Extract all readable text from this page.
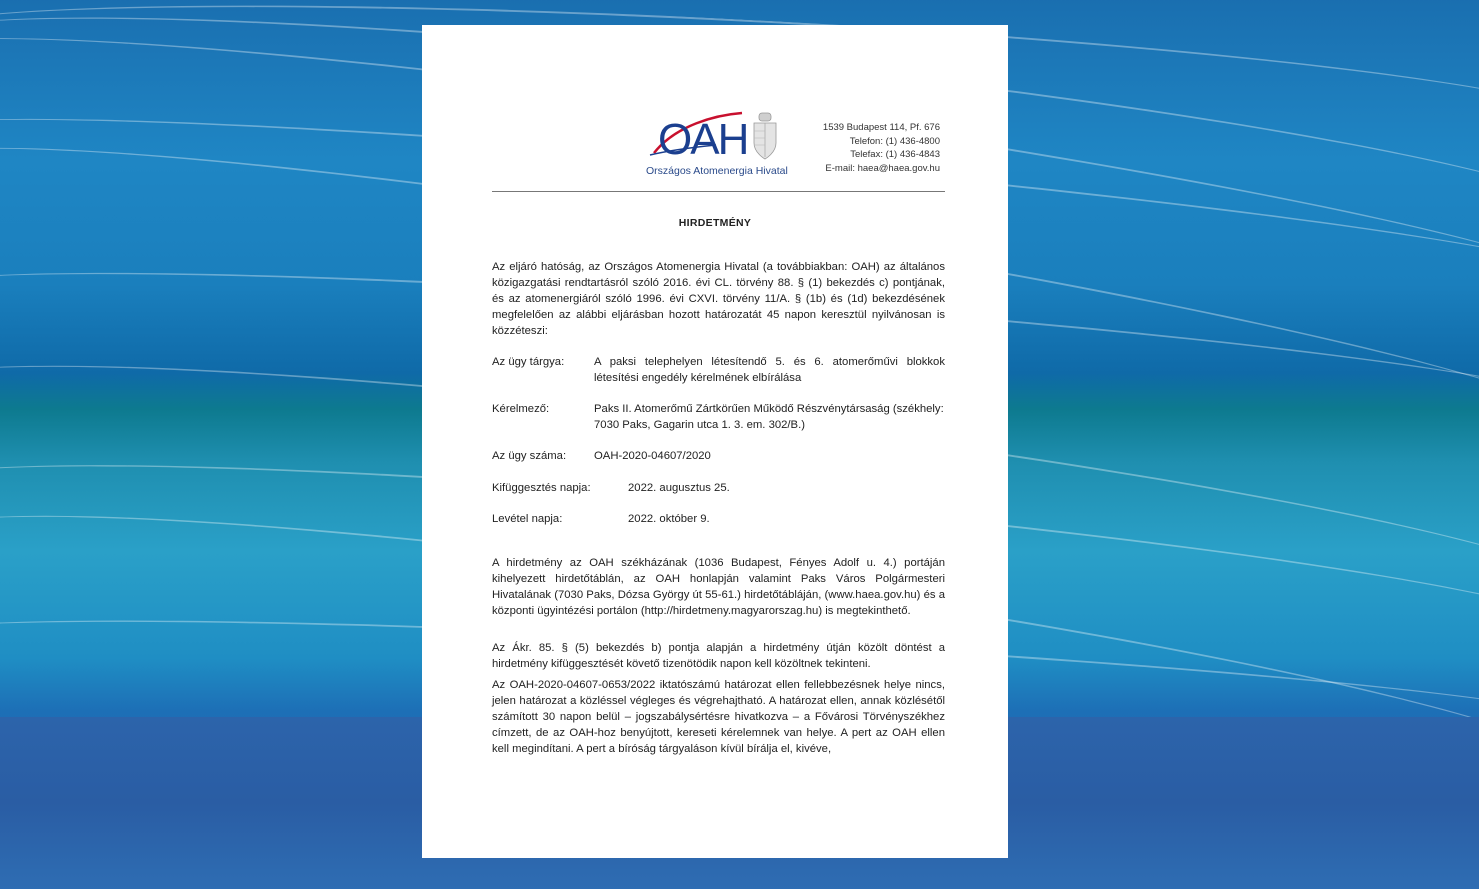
OAH
Országos Atomenergia Hivatal
1539 Budapest 114, Pf. 676
Telefon: (1) 436-4800
Telefax: (1) 436-4843
E-mail: haea@haea.gov.hu
HIRDETMÉNY
Az eljáró hatóság, az Országos Atomenergia Hivatal (a továbbiakban: OAH) az általános közigazgatási rendtartásról szóló 2016. évi CL. törvény 88. § (1) bekezdés c) pontjának, és az atomenergiáról szóló 1996. évi CXVI. törvény 11/A. § (1b) és (1d) bekezdésének megfelelően az alábbi eljárásban hozott határozatát 45 napon keresztül nyilvánosan is közzéteszi:
Az ügy tárgya:	A paksi telephelyen létesítendő 5. és 6. atomerőművi blokkok létesítési engedély kérelmének elbírálása
Kérelmező:	Paks II. Atomerőmű Zártkörűen Működő Részvénytársaság (székhely: 7030 Paks, Gagarin utca 1. 3. em. 302/B.)
Az ügy száma: OAH-2020-04607/2020
Kifüggesztés napja:	2022. augusztus 25.
Levétel napja:	2022. október 9.
A hirdetmény az OAH székházának (1036 Budapest, Fényes Adolf u. 4.) portáján kihelyezett hirdetőtáblán, az OAH honlapján valamint Paks Város Polgármesteri Hivatalának (7030 Paks, Dózsa György út 55-61.) hirdetőtábláján, (www.haea.gov.hu) és a központi ügyintézési portálon (http://hirdetmeny.magyarorszag.hu) is megtekinthető.
Az Ákr. 85. § (5) bekezdés b) pontja alapján a hirdetmény útján közölt döntést a hirdetmény kifüggesztését követő tizenötödik napon kell közöltnek tekinteni.
Az OAH-2020-04607-0653/2022 iktatószámú határozat ellen fellebbezésnek helye nincs, jelen határozat a közléssel végleges és végrehajtható. A határozat ellen, annak közlésétől számított 30 napon belül – jogszabálysértésre hivatkozva – a Fővárosi Törvényszékhez címzett, de az OAH-hoz benyújtott, kereseti kérelemnek van helye. A pert az OAH ellen kell megindítani. A pert a bíróság tárgyaláson kívül bírálja el, kivéve,
